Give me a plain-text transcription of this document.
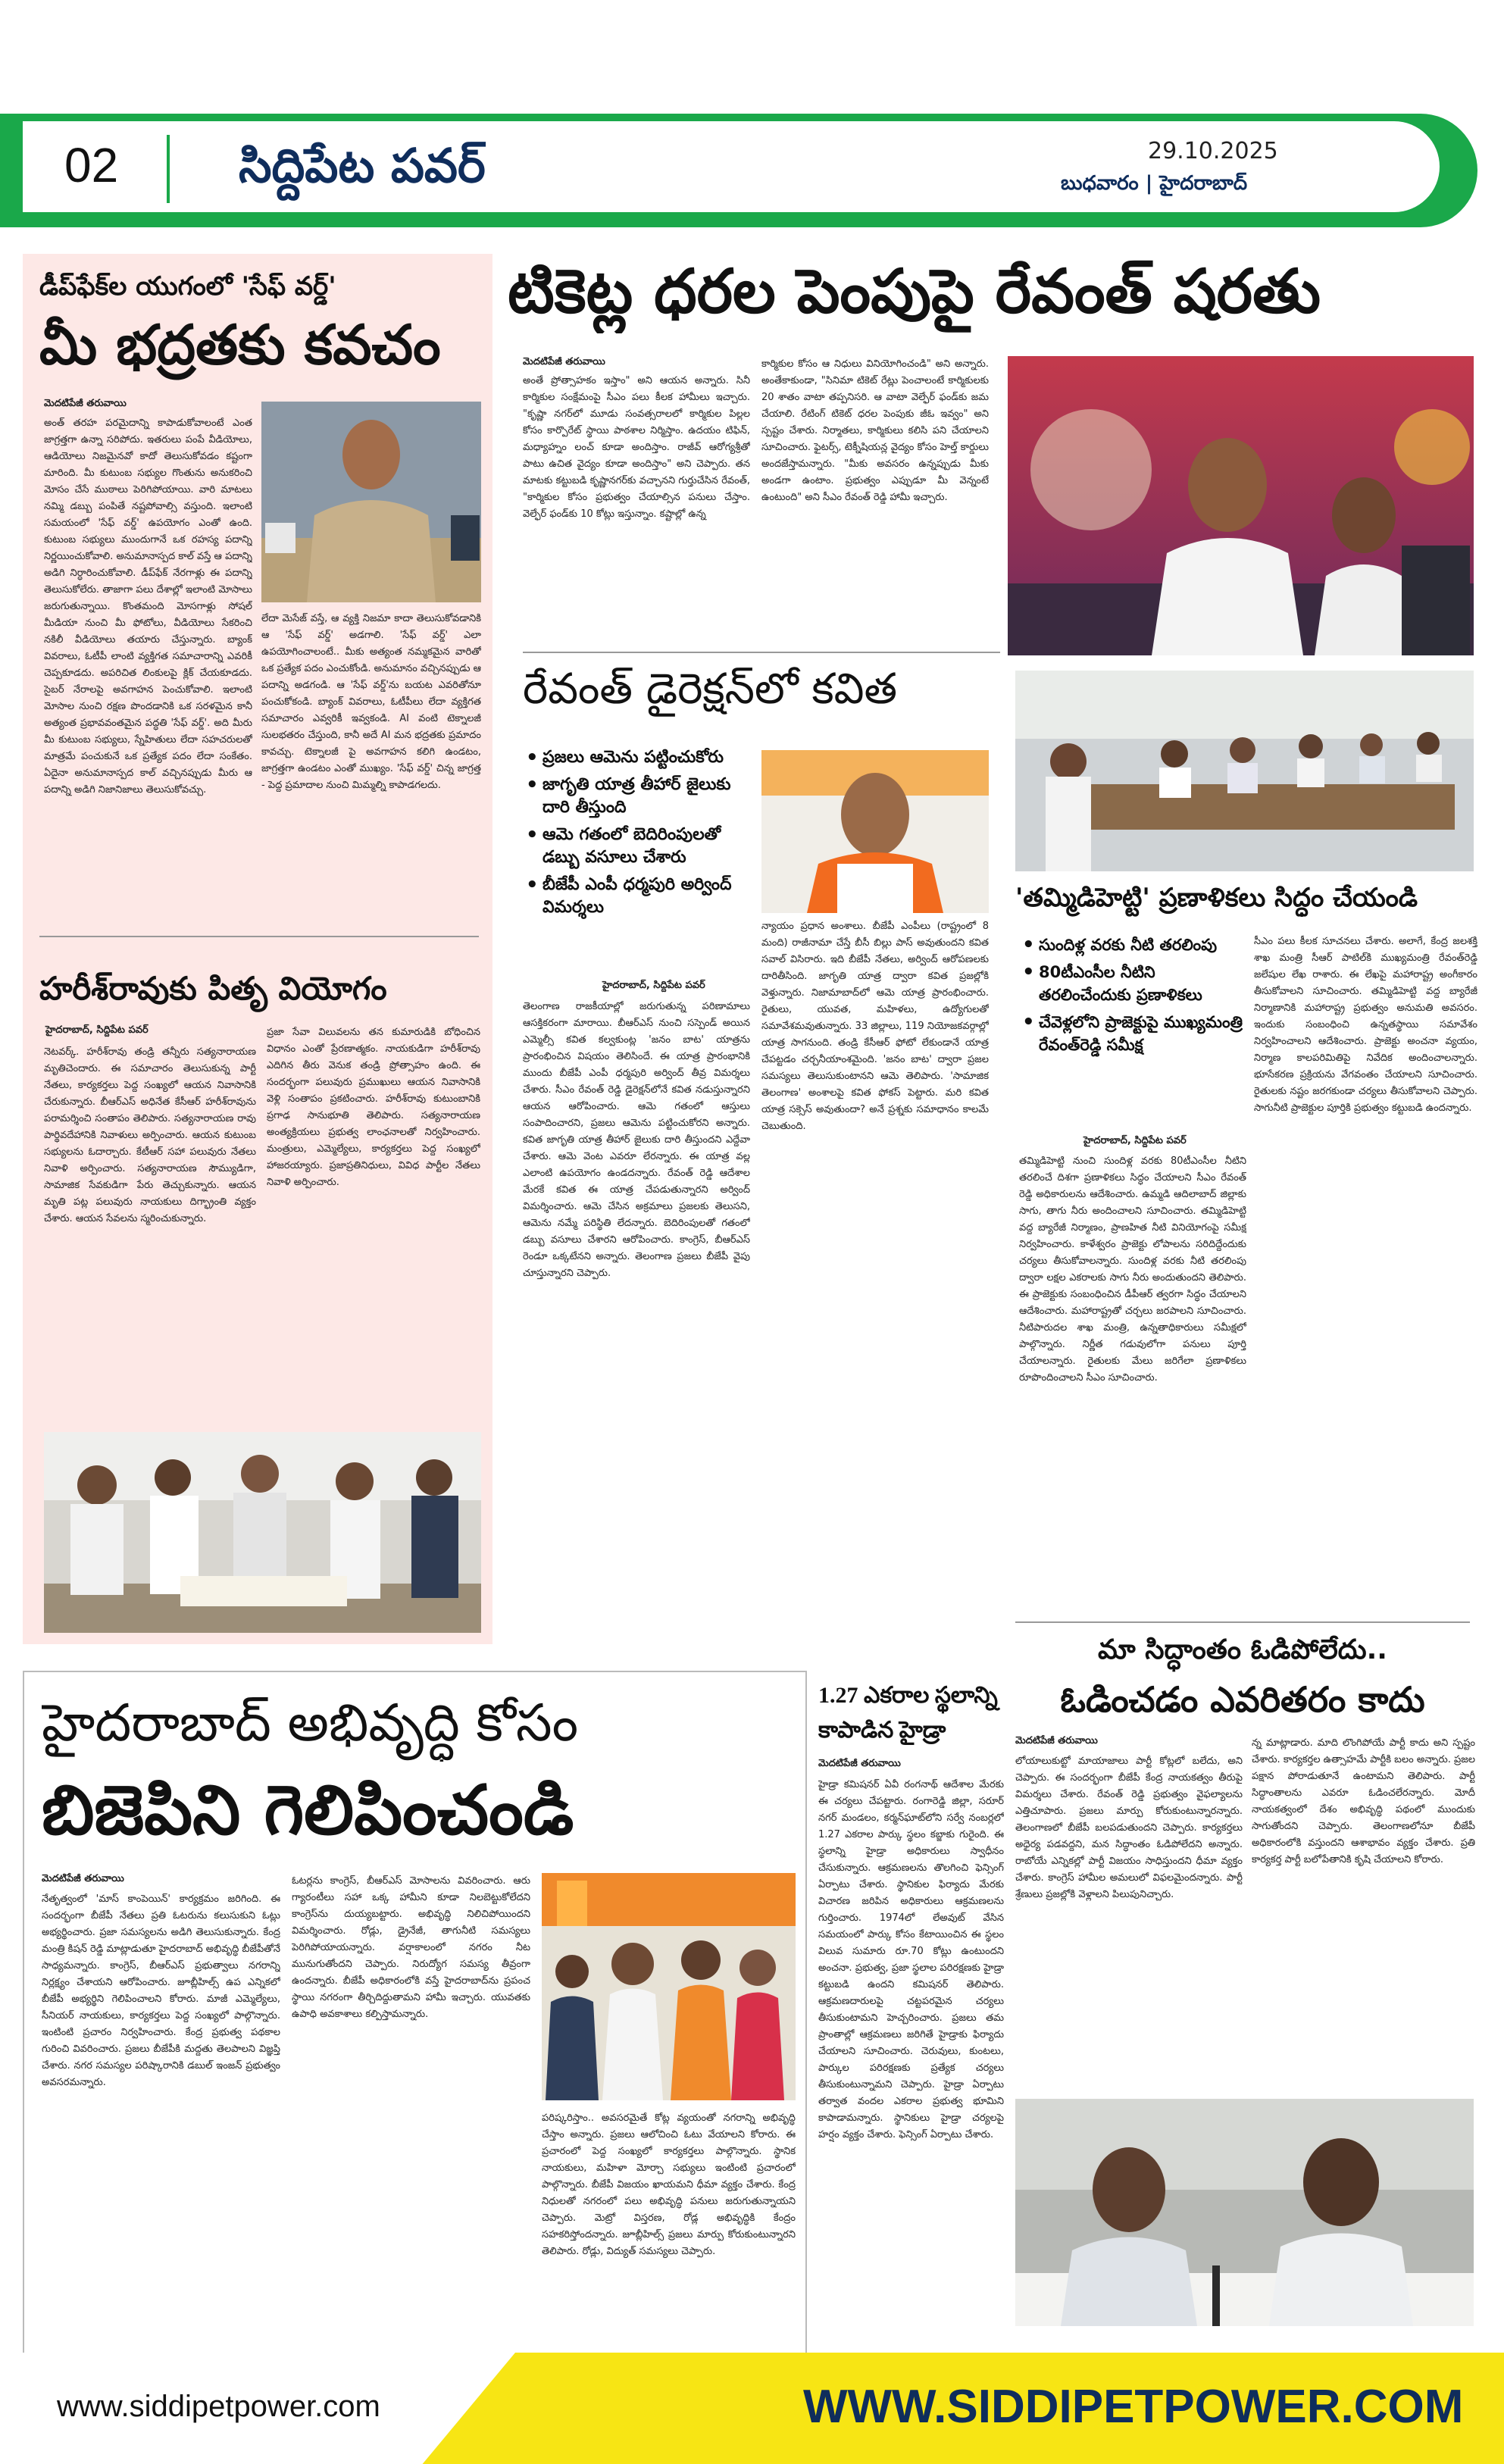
02	సిద్దిపేట పవర్	29.10.2025
బుధవారం | హైదరాబాద్
డీప్‌ఫేక్‌ల యుగంలో 'సేఫ్ వర్డ్'
మీ భద్రతకు కవచం
మెదటిపేజీ తరువాయి

అంత్ తరహ పరమైదాన్ని కాపాడుకోవాలంటే ఎంత జాగ్రత్తగా ఉన్నా సరిపోదు. ఇతరులు పంపే వీడియోలు, ఆడియోలు నిజమైనవో కాదో తెలుసుకోవడం కష్టంగా మారింది. మీ కుటుంబ సభ్యుల గొంతును అనుకరించి మోసం చేసే ముఠాలు పెరిగిపోయాయి. వారి మాటలు నమ్మి డబ్బు పంపితే నష్టపోవాల్సి వస్తుంది. ఇలాంటి సమయంలో 'సేఫ్ వర్డ్' ఉపయోగం ఎంతో ఉంది. కుటుంబ సభ్యులు ముందుగానే ఒక రహస్య పదాన్ని నిర్ణయించుకోవాలి. అనుమానాస్పద కాల్ వస్తే ఆ పదాన్ని అడిగి నిర్ధారించుకోవాలి. డీప్‌ఫేక్ నేరగాళ్లు ఈ పదాన్ని తెలుసుకోలేరు. తాజాగా పలు దేశాల్లో ఇలాంటి మోసాలు జరుగుతున్నాయి. కొంతమంది మోసగాళ్లు సోషల్ మీడియా నుంచి మీ ఫోటోలు, వీడియోలు సేకరించి నకిలీ వీడియోలు తయారు చేస్తున్నారు. బ్యాంక్ వివరాలు, ఓటీపీ లాంటి వ్యక్తిగత సమాచారాన్ని ఎవరికీ చెప్పకూడదు. అపరిచిత లింకులపై క్లిక్ చేయకూడదు. సైబర్ నేరాలపై అవగాహన పెంచుకోవాలి. ఇలాంటి మోసాల నుంచి రక్షణ పొందడానికి ఒక సరళమైన కానీ అత్యంత ప్రభావవంతమైన పద్ధతి 'సేఫ్ వర్డ్'. అది మీరు మీ కుటుంబ సభ్యులు, స్నేహితులు లేదా సహచరులతో మాత్రమే పంచుకునే ఒక ప్రత్యేక పదం లేదా సంకేతం. ఏదైనా అనుమానాస్పద కాల్ వచ్చినప్పుడు మీరు ఆ పదాన్ని అడిగి నిజానిజాలు తెలుసుకోవచ్చు.

లేదా మెసేజ్ వస్తే, ఆ వ్యక్తి నిజమా కాదా తెలుసుకోవడానికి ఆ 'సేఫ్ వర్డ్' అడగాలి. 'సేఫ్ వర్డ్' ఎలా ఉపయోగించాలంటే.. మీకు అత్యంత నమ్మకమైన వారితో ఒక ప్రత్యేక పదం ఎంచుకోండి. అనుమానం వచ్చినప్పుడు ఆ పదాన్ని అడగండి. ఆ 'సేఫ్ వర్డ్'ను బయట ఎవరితోనూ పంచుకోకండి. బ్యాంక్ వివరాలు, ఓటీపీలు లేదా వ్యక్తిగత సమాచారం ఎవ్వరికీ ఇవ్వకండి. AI వంటి టెక్నాలజీ సులభతరం చేస్తుంది, కానీ అదే AI మన భద్రతకు ప్రమాదం కావచ్చు. టెక్నాలజీ పై అవగాహన కలిగి ఉండటం, జాగ్రత్తగా ఉండటం ఎంతో ముఖ్యం. 'సేఫ్ వర్డ్' చిన్న జాగ్రత్త - పెద్ద ప్రమాదాల నుంచి మిమ్మల్ని కాపాడగలదు.

హరీశ్‌రావుకు పితృ వియోగం
హైదరాబాద్, సిద్దిపేట పవర్

నెటవర్క్. హరీశ్‌రావు తండ్రి తన్నీరు సత్యనారాయణ మృతిచెందారు. ఈ సమాచారం తెలుసుకున్న పార్టీ నేతలు, కార్యకర్తలు పెద్ద సంఖ్యలో ఆయన నివాసానికి చేరుకున్నారు. బీఆర్ఎస్ అధినేత కేసీఆర్ హరీశ్‌రావును పరామర్శించి సంతాపం తెలిపారు. సత్యనారాయణ రావు పార్థివదేహానికి నివాళులు అర్పించారు. ఆయన కుటుంబ సభ్యులను ఓదార్చారు. కేటీఆర్ సహా పలువురు నేతలు నివాళి అర్పించారు. సత్యనారాయణ సౌమ్యుడిగా, సామాజిక సేవకుడిగా పేరు తెచ్చుకున్నారు. ఆయన మృతి పట్ల పలువురు నాయకులు దిగ్భ్రాంతి వ్యక్తం చేశారు. ఆయన సేవలను స్మరించుకున్నారు.

ప్రజా సేవా విలువలను తన కుమారుడికి బోధించిన విధానం ఎంతో ప్రేరణాత్మకం. నాయకుడిగా హరీశ్‌రావు ఎదిగిన తీరు వెనుక తండ్రి ప్రోత్సాహం ఉంది. ఈ సందర్భంగా పలువురు ప్రముఖులు ఆయన నివాసానికి వెళ్లి సంతాపం ప్రకటించారు. హరీశ్‌రావు కుటుంబానికి ప్రగాఢ సానుభూతి తెలిపారు. సత్యనారాయణ అంత్యక్రియలు ప్రభుత్వ లాంఛనాలతో నిర్వహించారు. మంత్రులు, ఎమ్మెల్యేలు, కార్యకర్తలు పెద్ద సంఖ్యలో హాజరయ్యారు. ప్రజాప్రతినిధులు, వివిధ పార్టీల నేతలు నివాళి అర్పించారు.

టికెట్ల ధరల పెంపుపై రేవంత్ షరతు
మెదటిపేజీ తరువాయి

అంతే ప్రోత్సాహకం ఇస్తాం" అని ఆయన అన్నారు. సినీ కార్మికుల సంక్షేమంపై సీఎం పలు కీలక హామీలు ఇచ్చారు. "కృష్ణా నగర్‌లో మూడు సంవత్సరాలలో కార్మికుల పిల్లల కోసం కార్పొరేట్ స్థాయి పాఠశాల నిర్మిస్తాం. ఉదయం టిఫిన్, మధ్యాహ్నం లంచ్ కూడా అందిస్తాం. రాజీవ్ ఆరోగ్యశ్రీతో పాటు ఉచిత వైద్యం కూడా అందిస్తాం" అని చెప్పారు. తన మాటకు కట్టుబడి కృష్ణానగర్‌కు వచ్చానని గుర్తుచేసిన రేవంత్, "కార్మికుల కోసం ప్రభుత్వం చేయాల్సిన పనులు చేస్తాం. వెల్ఫేర్ ఫండ్‌కు 10 కోట్లు ఇస్తున్నాం. కష్టాల్లో ఉన్న

కార్మికుల కోసం ఆ నిధులు వినియోగించండి" అని అన్నారు. అంతేకాకుండా, "సినిమా టికెట్ రేట్లు పెంచాలంటే కార్మికులకు 20 శాతం వాటా తప్పనిసరి. ఆ వాటా వెల్ఫేర్ ఫండ్‌కు జమ చేయాలి. రేటింగ్ టికెట్ ధరల పెంపుకు జీఓ ఇవ్వం" అని స్పష్టం చేశారు. నిర్మాతలు, కార్మికులు కలిసి పని చేయాలని సూచించారు. ఫైటర్స్, టెక్నీషియన్ల వైద్యం కోసం హెల్త్ కార్డులు అందజేస్తామన్నారు. "మీకు అవసరం ఉన్నప్పుడు మీకు అండగా ఉంటాం. ప్రభుత్వం ఎప్పుడూ మీ వెన్నంటే ఉంటుంది" అని సీఎం రేవంత్ రెడ్డి హామీ ఇచ్చారు.

రేవంత్ డైరెక్షన్‌లో కవిత
• ప్రజలు ఆమెను పట్టించుకోరు
• జాగృతి యాత్ర తీహార్ జైలుకు దారి తీస్తుంది
• ఆమె గతంలో బెదిరింపులతో డబ్బు వసూలు చేశారు
• బీజేపీ ఎంపీ ధర్మపురి అర్వింద్ విమర్శలు
హైదరాబాద్, సిద్దిపేట పవర్

తెలంగాణ రాజకీయాల్లో జరుగుతున్న పరిణామాలు ఆసక్తికరంగా మారాయి. బీఆర్ఎస్ నుంచి సస్పెండ్ అయిన ఎమ్మెల్సీ కవిత కల్వకుంట్ల 'జనం బాట' యాత్రను ప్రారంభించిన విషయం తెలిసిందే. ఈ యాత్ర ప్రారంభానికి ముందు బీజేపీ ఎంపీ ధర్మపురి అర్వింద్ తీవ్ర విమర్శలు చేశారు. సీఎం రేవంత్ రెడ్డి డైరెక్షన్‌లోనే కవిత నడుస్తున్నారని ఆయన ఆరోపించారు. ఆమె గతంలో ఆస్తులు సంపాదించారని, ప్రజలు ఆమెను పట్టించుకోరని అన్నారు. కవిత జాగృతి యాత్ర తీహార్ జైలుకు దారి తీస్తుందని ఎద్దేవా చేశారు. ఆమె వెంట ఎవరూ లేరన్నారు. ఈ యాత్ర వల్ల ఎలాంటి ఉపయోగం ఉండదన్నారు. రేవంత్ రెడ్డి ఆదేశాల మేరకే కవిత ఈ యాత్ర చేపడుతున్నారని అర్వింద్ విమర్శించారు. ఆమె చేసిన అక్రమాలు ప్రజలకు తెలుసని, ఆమెను నమ్మే పరిస్థితి లేదన్నారు. బెదిరింపులతో గతంలో డబ్బు వసూలు చేశారని ఆరోపించారు. కాంగ్రెస్, బీఆర్ఎస్ రెండూ ఒక్కటేనని అన్నారు. తెలంగాణ ప్రజలు బీజేపీ వైపు చూస్తున్నారని చెప్పారు.

న్యాయం ప్రధాన అంశాలు. బీజేపీ ఎంపీలు (రాష్ట్రంలో 8 మంది) రాజీనామా చేస్తే బీసీ బిల్లు పాస్ అవుతుందని కవిత సవాల్ విసిరారు. ఇది బీజేపీ నేతలు, అర్వింద్ ఆరోపణలకు దారితీసింది. జాగృతి యాత్ర ద్వారా కవిత ప్రజల్లోకి వెళ్తున్నారు. నిజామాబాద్‌లో ఆమె యాత్ర ప్రారంభించారు. రైతులు, యువత, మహిళలు, ఉద్యోగులతో సమావేశమవుతున్నారు. 33 జిల్లాలు, 119 నియోజకవర్గాల్లో యాత్ర సాగనుంది. తండ్రి కేసీఆర్ ఫోటో లేకుండానే యాత్ర చేపట్టడం చర్చనీయాంశమైంది. 'జనం బాట' ద్వారా ప్రజల సమస్యలు తెలుసుకుంటానని ఆమె తెలిపారు. 'సామాజిక తెలంగాణ' అంశాలపై కవిత ఫోకస్ పెట్టారు. మరి కవిత యాత్ర సక్సెస్ అవుతుందా? అనే ప్రశ్నకు సమాధానం కాలమే చెబుతుంది.

'తమ్మిడిహెట్టి' ప్రణాళికలు సిద్ధం చేయండి
• సుందిళ్ల వరకు నీటి తరలింపు
• 80టీఎంసీల నీటిని తరలించేందుకు ప్రణాళికలు
• చేవెళ్లలోని ప్రాజెక్టుపై ముఖ్యమంత్రి రేవంత్‌రెడ్డి సమీక్ష
హైదరాబాద్, సిద్దిపేట పవర్

తమ్మిడిహెట్టి నుంచి సుందిళ్ల వరకు 80టీఎంసీల నీటిని తరలించే దిశగా ప్రణాళికలు సిద్ధం చేయాలని సీఎం రేవంత్ రెడ్డి అధికారులను ఆదేశించారు. ఉమ్మడి ఆదిలాబాద్ జిల్లాకు సాగు, తాగు నీరు అందించాలని సూచించారు. తమ్మిడిహెట్టి వద్ద బ్యారేజీ నిర్మాణం, ప్రాణహిత నీటి వినియోగంపై సమీక్ష నిర్వహించారు. కాళేశ్వరం ప్రాజెక్టు లోపాలను సరిదిద్దేందుకు చర్యలు తీసుకోవాలన్నారు. సుందిళ్ల వరకు నీటి తరలింపు ద్వారా లక్షల ఎకరాలకు సాగు నీరు అందుతుందని తెలిపారు. ఈ ప్రాజెక్టుకు సంబంధించిన డీపీఆర్ త్వరగా సిద్ధం చేయాలని ఆదేశించారు. మహారాష్ట్రతో చర్చలు జరపాలని సూచించారు. నీటిపారుదల శాఖ మంత్రి, ఉన్నతాధికారులు సమీక్షలో పాల్గొన్నారు. నిర్ణీత గడువులోగా పనులు పూర్తి చేయాలన్నారు. రైతులకు మేలు జరిగేలా ప్రణాళికలు రూపొందించాలని సీఎం సూచించారు.

సీఎం పలు కీలక సూచనలు చేశారు. అలాగే, కేంద్ర జలశక్తి శాఖ మంత్రి సీఆర్ పాటిల్‌కి ముఖ్యమంత్రి రేవంత్‌రెడ్డి జలేషుల లేఖ రాశారు. ఈ లేఖపై మహారాష్ట్ర అంగీకారం తీసుకోవాలని సూచించారు. తమ్మిడిహెట్టి వద్ద బ్యారేజీ నిర్మాణానికి మహారాష్ట్ర ప్రభుత్వం అనుమతి అవసరం. ఇందుకు సంబంధించి ఉన్నతస్థాయి సమావేశం నిర్వహించాలని ఆదేశించారు. ప్రాజెక్టు అంచనా వ్యయం, నిర్మాణ కాలపరిమితిపై నివేదిక అందించాలన్నారు. భూసేకరణ ప్రక్రియను వేగవంతం చేయాలని సూచించారు. రైతులకు నష్టం జరగకుండా చర్యలు తీసుకోవాలని చెప్పారు. సాగునీటి ప్రాజెక్టుల పూర్తికి ప్రభుత్వం కట్టుబడి ఉందన్నారు.

మా సిద్ధాంతం ఓడిపోలేదు..
ఓడించడం ఎవరితరం కాదు
మెదటిపేజీ తరువాయి

లోయాలుకుట్టో మాయాజాలు పార్టీ కోట్లలో బలేదు, అని చెప్పారు. ఈ సందర్భంగా బీజేపీ కేంద్ర నాయకత్వం తీరుపై విమర్శలు చేశారు. రేవంత్ రెడ్డి ప్రభుత్వం వైఫల్యాలను ఎత్తిచూపారు. ప్రజలు మార్పు కోరుకుంటున్నారన్నారు. తెలంగాణలో బీజేపీ బలపడుతుందని చెప్పారు. కార్యకర్తలు అధైర్య పడవద్దని, మన సిద్ధాంతం ఓడిపోలేదని అన్నారు. రాబోయే ఎన్నికల్లో పార్టీ విజయం సాధిస్తుందని ధీమా వ్యక్తం చేశారు. కాంగ్రెస్ హామీల అమలులో విఫలమైందన్నారు. పార్టీ శ్రేణులు ప్రజల్లోకి వెళ్లాలని పిలుపునిచ్చారు.

న్న మాట్లాడారు. మాది లొంగిపోయే పార్టీ కాదు అని స్పష్టం చేశారు. కార్యకర్తల ఉత్సాహమే పార్టీకి బలం అన్నారు. ప్రజల పక్షాన పోరాడుతూనే ఉంటామని తెలిపారు. పార్టీ సిద్ధాంతాలను ఎవరూ ఓడించలేరన్నారు. మోదీ నాయకత్వంలో దేశం అభివృద్ధి పథంలో ముందుకు సాగుతోందని చెప్పారు. తెలంగాణలోనూ బీజేపీ అధికారంలోకి వస్తుందని ఆశాభావం వ్యక్తం చేశారు. ప్రతి కార్యకర్త పార్టీ బలోపేతానికి కృషి చేయాలని కోరారు.

హైదరాబాద్ అభివృద్ధి కోసం
బిజెపిని గెలిపించండి
మెదటిపేజీ తరువాయి

నేతృత్వంలో 'మాస్ కాంపెయిన్' కార్యక్రమం జరిగింది. ఈ సందర్భంగా బీజేపీ నేతలు ప్రతి ఓటరును కలుసుకుని ఓట్లు అభ్యర్థించారు. ప్రజా సమస్యలను అడిగి తెలుసుకున్నారు. కేంద్ర మంత్రి కిషన్ రెడ్డి మాట్లాడుతూ హైదరాబాద్ అభివృద్ధి బీజేపీతోనే సాధ్యమన్నారు. కాంగ్రెస్, బీఆర్ఎస్ ప్రభుత్వాలు నగరాన్ని నిర్లక్ష్యం చేశాయని ఆరోపించారు. జూబ్లీహిల్స్ ఉప ఎన్నికలో బీజేపీ అభ్యర్థిని గెలిపించాలని కోరారు. మాజీ ఎమ్మెల్యేలు, సీనియర్ నాయకులు, కార్యకర్తలు పెద్ద సంఖ్యలో పాల్గొన్నారు. ఇంటింటి ప్రచారం నిర్వహించారు. కేంద్ర ప్రభుత్వ పథకాల గురించి వివరించారు. ప్రజలు బీజేపీకి మద్దతు తెలపాలని విజ్ఞప్తి చేశారు. నగర సమస్యల పరిష్కారానికి డబుల్ ఇంజన్ ప్రభుత్వం అవసరమన్నారు.

ఓటర్లను కాంగ్రెస్, బీఆర్ఎస్ మోసాలను వివరించారు. ఆరు గ్యారంటీలు సహా ఒక్క హామీని కూడా నిలబెట్టుకోలేదని కాంగ్రెస్‌ను దుయ్యబట్టారు. అభివృద్ధి నిలిచిపోయిందని విమర్శించారు. రోడ్లు, డ్రైనేజీ, తాగునీటి సమస్యలు పెరిగిపోయాయన్నారు. వర్షాకాలంలో నగరం నీట మునుగుతోందని చెప్పారు. నిరుద్యోగ సమస్య తీవ్రంగా ఉందన్నారు. బీజేపీ అధికారంలోకి వస్తే హైదరాబాద్‌ను ప్రపంచ స్థాయి నగరంగా తీర్చిదిద్దుతామని హామీ ఇచ్చారు. యువతకు ఉపాధి అవకాశాలు కల్పిస్తామన్నారు.

పరిష్కరిస్తాం.. అవసరమైతే కోట్ల వ్యయంతో నగరాన్ని అభివృద్ధి చేస్తాం అన్నారు. ప్రజలు ఆలోచించి ఓటు వేయాలని కోరారు. ఈ ప్రచారంలో పెద్ద సంఖ్యలో కార్యకర్తలు పాల్గొన్నారు. స్థానిక నాయకులు, మహిళా మోర్చా సభ్యులు ఇంటింటి ప్రచారంలో పాల్గొన్నారు. బీజేపీ విజయం ఖాయమని ధీమా వ్యక్తం చేశారు. కేంద్ర నిధులతో నగరంలో పలు అభివృద్ధి పనులు జరుగుతున్నాయని చెప్పారు. మెట్రో విస్తరణ, రోడ్ల అభివృద్ధికి కేంద్రం సహకరిస్తోందన్నారు. జూబ్లీహిల్స్ ప్రజలు మార్పు కోరుకుంటున్నారని తెలిపారు. రోడ్లు, విద్యుత్ సమస్యలు చెప్పారు.

1.27 ఎకరాల స్థలాన్ని కాపాడిన హైడ్రా
మెదటిపేజీ తరువాయి

హైడ్రా కమిషనర్ ఏవీ రంగనాథ్ ఆదేశాల మేరకు ఈ చర్యలు చేపట్టారు. రంగారెడ్డి జిల్లా, సరూర్ నగర్ మండలం, కర్మన్‌ఘాట్‌లోని సర్వే నంబర్లలో 1.27 ఎకరాల పార్కు స్థలం కబ్జాకు గురైంది. ఈ స్థలాన్ని హైడ్రా అధికారులు స్వాధీనం చేసుకున్నారు. ఆక్రమణలను తొలగించి ఫెన్సింగ్ ఏర్పాటు చేశారు. స్థానికుల ఫిర్యాదు మేరకు విచారణ జరిపిన అధికారులు ఆక్రమణలను గుర్తించారు. 1974లో లేఅవుట్ వేసిన సమయంలో పార్కు కోసం కేటాయించిన ఈ స్థలం విలువ సుమారు రూ.70 కోట్లు ఉంటుందని అంచనా. ప్రభుత్వ, ప్రజా స్థలాల పరిరక్షణకు హైడ్రా కట్టుబడి ఉందని కమిషనర్ తెలిపారు. ఆక్రమణదారులపై చట్టపరమైన చర్యలు తీసుకుంటామని హెచ్చరించారు. ప్రజలు తమ ప్రాంతాల్లో ఆక్రమణలు జరిగితే హైడ్రాకు ఫిర్యాదు చేయాలని సూచించారు. చెరువులు, కుంటలు, పార్కుల పరిరక్షణకు ప్రత్యేక చర్యలు తీసుకుంటున్నామని చెప్పారు. హైడ్రా ఏర్పాటు తర్వాత వందల ఎకరాల ప్రభుత్వ భూమిని కాపాడామన్నారు. స్థానికులు హైడ్రా చర్యలపై హర్షం వ్యక్తం చేశారు. ఫెన్సింగ్ ఏర్పాటు చేశారు.

www.siddipetpower.com	WWW.SIDDIPETPOWER.COM
